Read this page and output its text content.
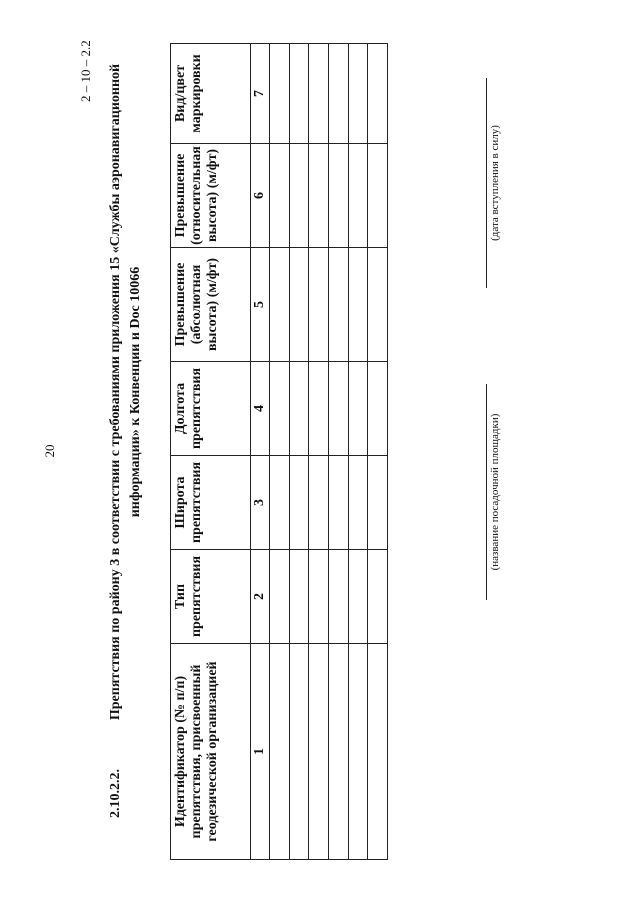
20
2 – 10 – 2.2
2.10.2.2.
Препятствия по району 3 в соответствии с требованиями приложения 15 «Службы аэронавигационной информации» к Конвенции и Doc 10066
Идентификатор (№ п/п) препятствия, присвоенный геодезической организацией	Тип препятствия	Широта препятствия	Долгота препятствия	Превышение (абсолютная высота) (м/фт)	Превышение (относительная высота) (м/фт)	Вид/цвет маркировки
1	2	3	4	5	6	7

(название посадочной площадки)
(дата вступления в силу)
